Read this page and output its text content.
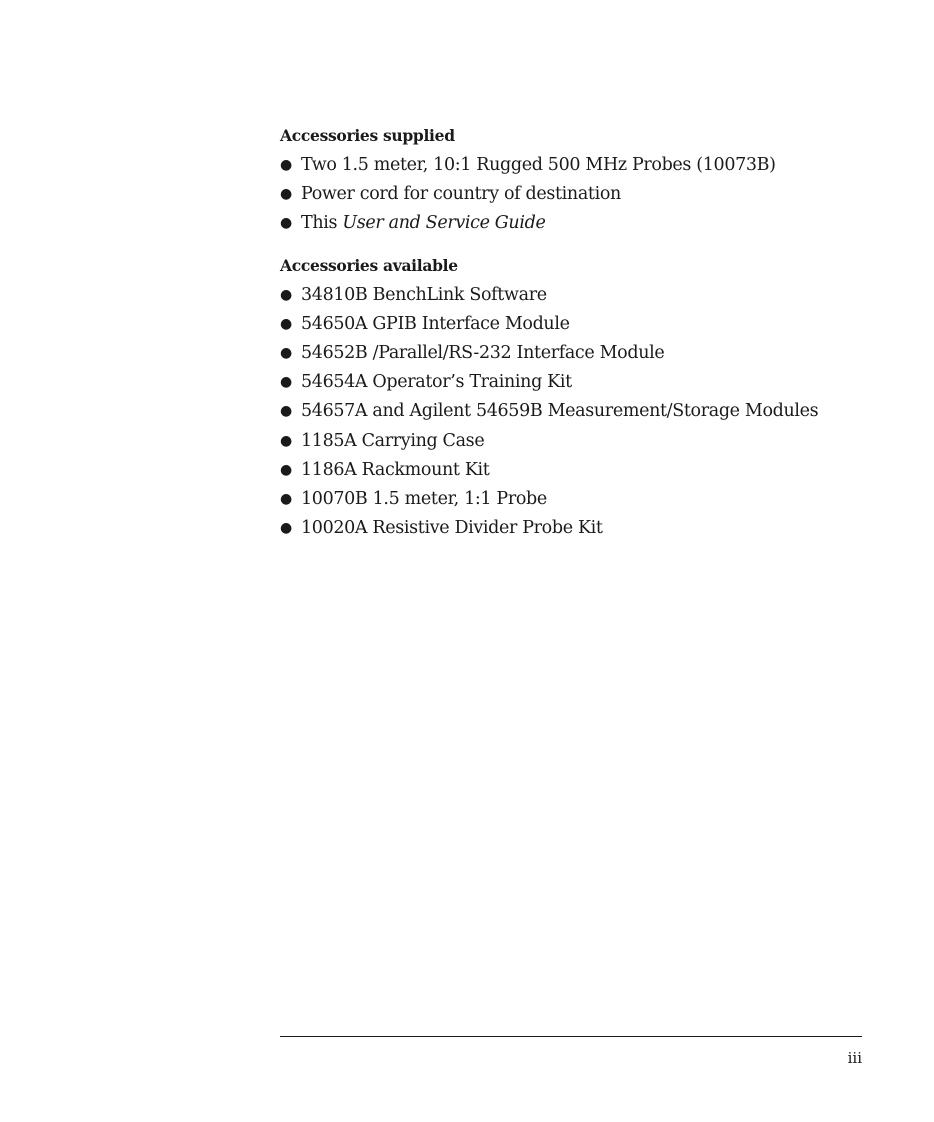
Accessories supplied
● Two 1.5 meter, 10:1 Rugged 500 MHz Probes (10073B)
● Power cord for country of destination
● This User and Service Guide
Accessories available
● 34810B BenchLink Software
● 54650A GPIB Interface Module
● 54652B /Parallel/RS-232 Interface Module
● 54654A Operator’s Training Kit
● 54657A and Agilent 54659B Measurement/Storage Modules
● 1185A Carrying Case
● 1186A Rackmount Kit
● 10070B 1.5 meter, 1:1 Probe
● 10020A Resistive Divider Probe Kit
iii
